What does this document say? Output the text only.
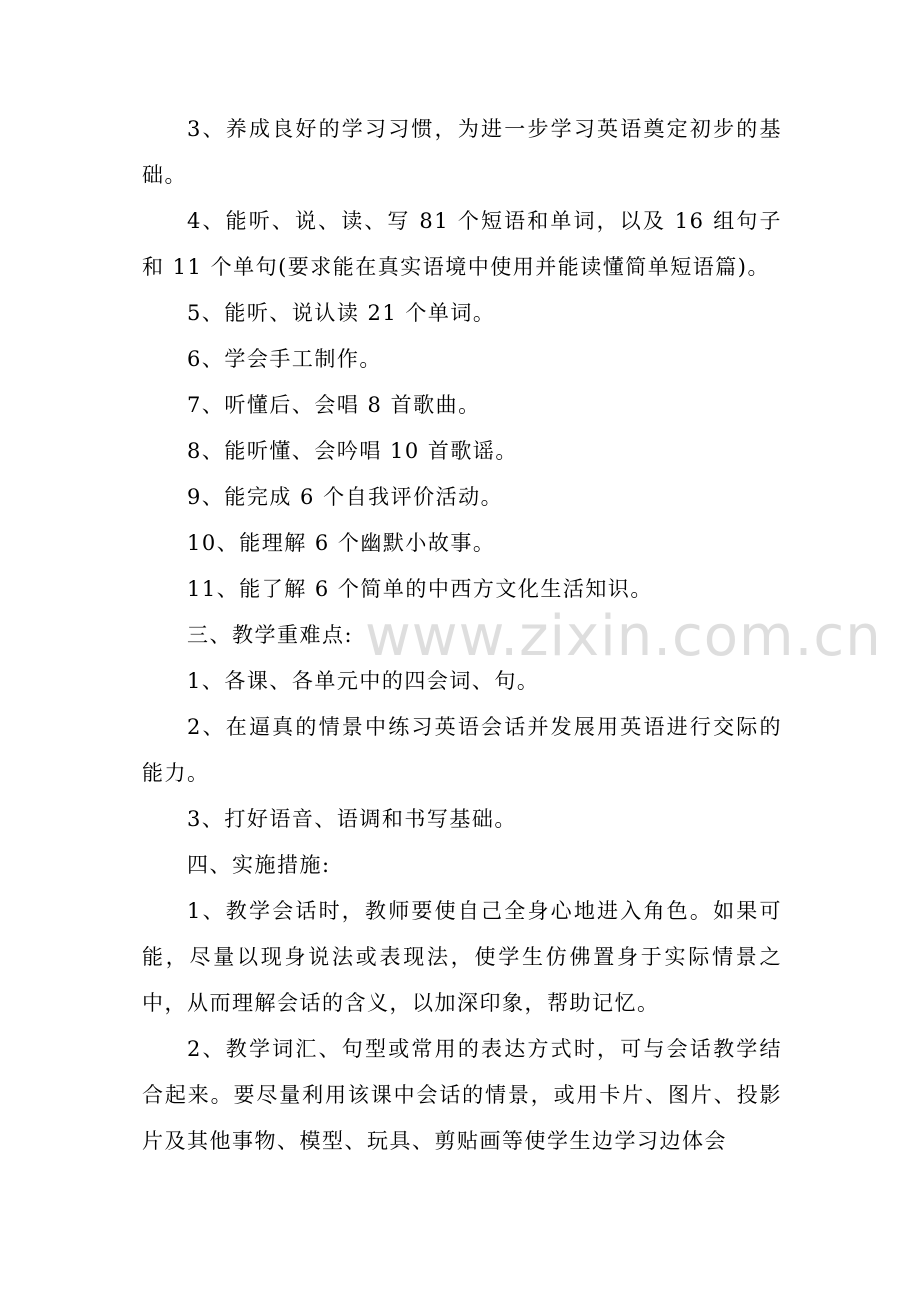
3、养成良好的学习习惯，为进一步学习英语奠定初步的基础。

4、能听、说、读、写 81 个短语和单词，以及 16 组句子和 11 个单句(要求能在真实语境中使用并能读懂简单短语篇)。

5、能听、说认读 21 个单词。

6、学会手工制作。

7、听懂后、会唱 8 首歌曲。

8、能听懂、会吟唱 10 首歌谣。

9、能完成 6 个自我评价活动。

10、能理解 6 个幽默小故事。

11、能了解 6 个简单的中西方文化生活知识。

三、教学重难点:

1、各课、各单元中的四会词、句。

2、在逼真的情景中练习英语会话并发展用英语进行交际的能力。

3、打好语音、语调和书写基础。

四、实施措施:

1、教学会话时，教师要使自己全身心地进入角色。如果可能，尽量以现身说法或表现法，使学生仿佛置身于实际情景之中，从而理解会话的含义，以加深印象，帮助记忆。

2、教学词汇、句型或常用的表达方式时，可与会话教学结合起来。要尽量利用该课中会话的情景，或用卡片、图片、投影片及其他事物、模型、玩具、剪贴画等使学生边学习边体会

www.zixin.com.cn
